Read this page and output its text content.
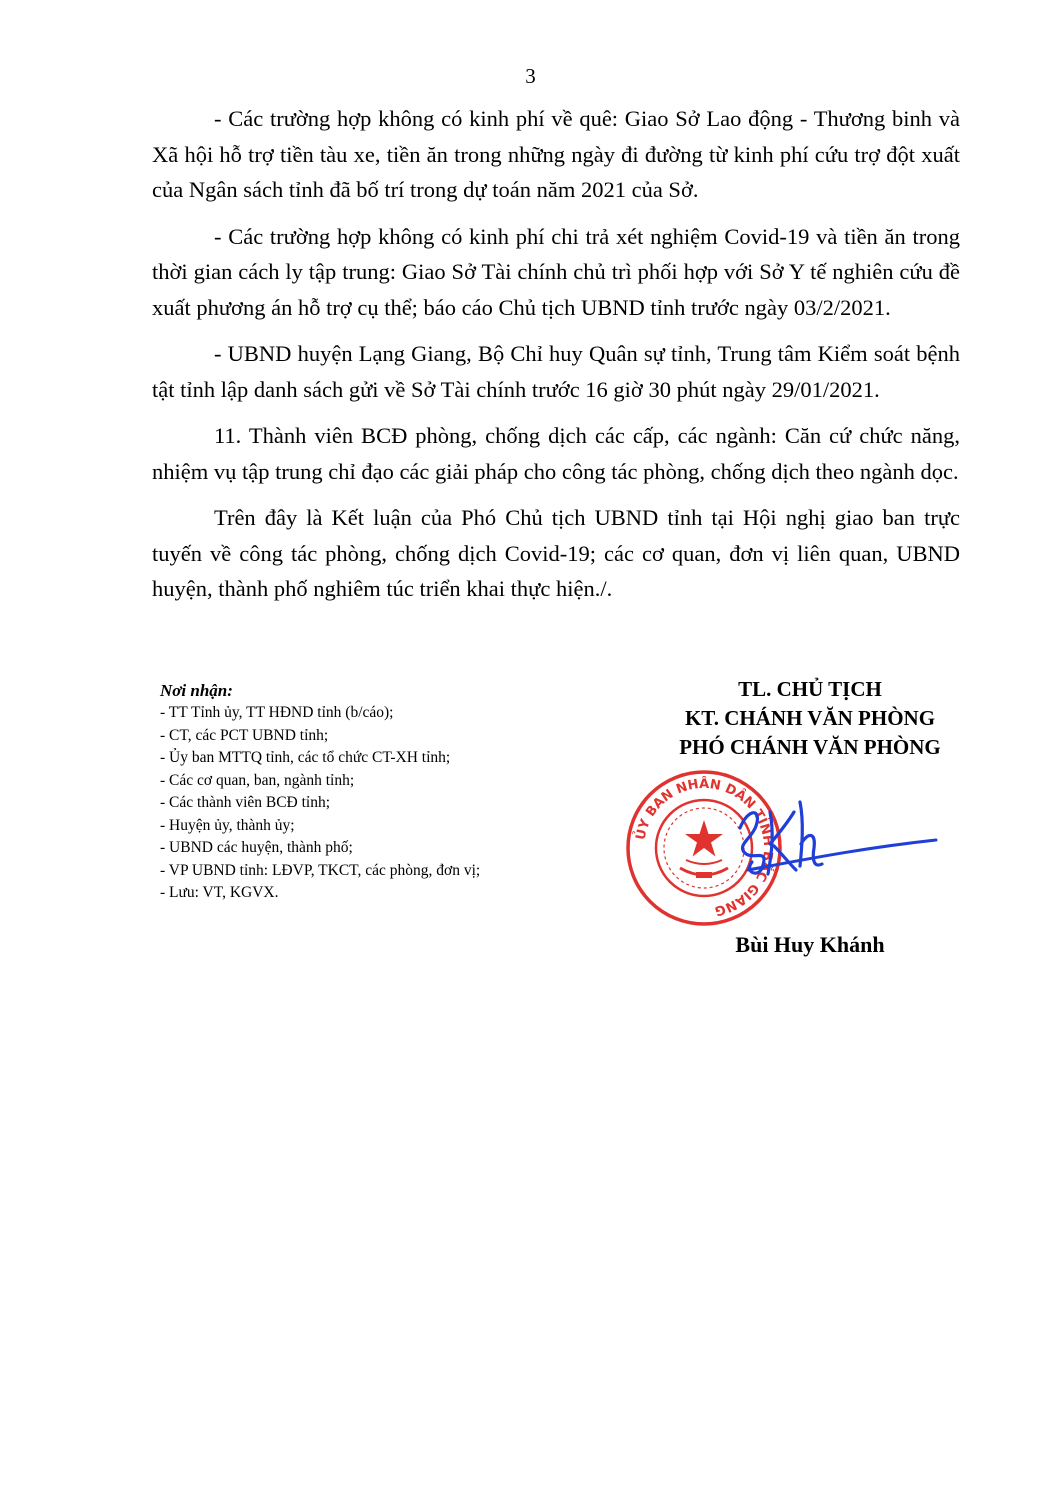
3

- Các trường hợp không có kinh phí về quê: Giao Sở Lao động - Thương binh và Xã hội hỗ trợ tiền tàu xe, tiền ăn trong những ngày đi đường từ kinh phí cứu trợ đột xuất của Ngân sách tỉnh đã bố trí trong dự toán năm 2021 của Sở.

- Các trường hợp không có kinh phí chi trả xét nghiệm Covid-19 và tiền ăn trong thời gian cách ly tập trung: Giao Sở Tài chính chủ trì phối hợp với Sở Y tế nghiên cứu đề xuất phương án hỗ trợ cụ thể; báo cáo Chủ tịch UBND tỉnh trước ngày 03/2/2021.

- UBND huyện Lạng Giang, Bộ Chỉ huy Quân sự tỉnh, Trung tâm Kiểm soát bệnh tật tỉnh lập danh sách gửi về Sở Tài chính trước 16 giờ 30 phút ngày 29/01/2021.

11. Thành viên BCĐ phòng, chống dịch các cấp, các ngành: Căn cứ chức năng, nhiệm vụ tập trung chỉ đạo các giải pháp cho công tác phòng, chống dịch theo ngành dọc.

Trên đây là Kết luận của Phó Chủ tịch UBND tỉnh tại Hội nghị giao ban trực tuyến về công tác phòng, chống dịch Covid-19; các cơ quan, đơn vị liên quan, UBND huyện, thành phố nghiêm túc triển khai thực hiện./.

Nơi nhận:

- TT Tỉnh ủy, TT HĐND tỉnh (b/cáo);
- CT, các PCT UBND tỉnh;
- Ủy ban MTTQ tỉnh, các tổ chức CT-XH tỉnh;
- Các cơ quan, ban, ngành tỉnh;
- Các thành viên BCĐ tỉnh;
- Huyện ủy, thành ủy;
- UBND các huyện, thành phố;
- VP UBND tỉnh: LĐVP, TKCT, các phòng, đơn vị;
- Lưu: VT, KGVX.
TL. CHỦ TỊCH
KT. CHÁNH VĂN PHÒNG
PHÓ CHÁNH VĂN PHÒNG
ỦY BAN NHÂN DÂN TỈNH BẮC GIANG
Bùi Huy Khánh
